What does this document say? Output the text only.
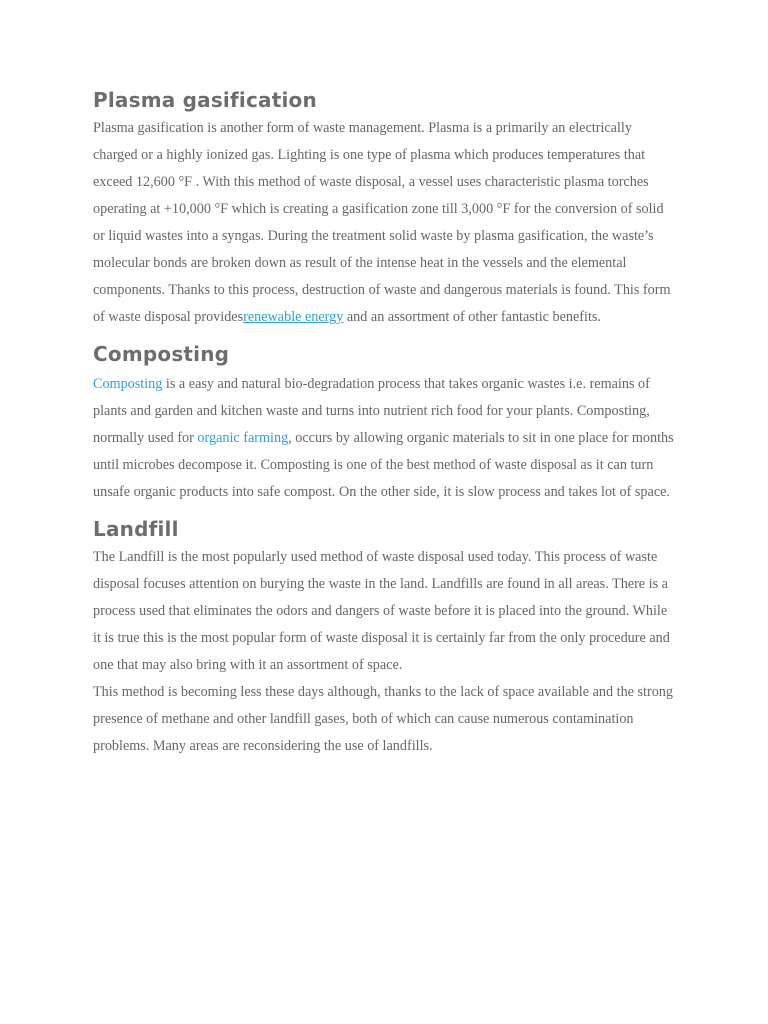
Plasma gasification

Plasma gasification is another form of waste management. Plasma is a primarily an electrically charged or a highly ionized gas. Lighting is one type of plasma which produces temperatures that exceed 12,600 °F . With this method of waste disposal, a vessel uses characteristic plasma torches operating at +10,000 °F which is creating a gasification zone till 3,000 °F for the conversion of solid or liquid wastes into a syngas. During the treatment solid waste by plasma gasification, the waste’s molecular bonds are broken down as result of the intense heat in the vessels and the elemental components. Thanks to this process, destruction of waste and dangerous materials is found. This form of waste disposal providesrenewable energy and an assortment of other fantastic benefits.

Composting

Composting is a easy and natural bio-degradation process that takes organic wastes i.e. remains of plants and garden and kitchen waste and turns into nutrient rich food for your plants. Composting, normally used for organic farming, occurs by allowing organic materials to sit in one place for months until microbes decompose it. Composting is one of the best method of waste disposal as it can turn unsafe organic products into safe compost. On the other side, it is slow process and takes lot of space.

Landfill

The Landfill is the most popularly used method of waste disposal used today. This process of waste disposal focuses attention on burying the waste in the land. Landfills are found in all areas. There is a process used that eliminates the odors and dangers of waste before it is placed into the ground. While it is true this is the most popular form of waste disposal it is certainly far from the only procedure and one that may also bring with it an assortment of space.

This method is becoming less these days although, thanks to the lack of space available and the strong presence of methane and other landfill gases, both of which can cause numerous contamination problems. Many areas are reconsidering the use of landfills.
